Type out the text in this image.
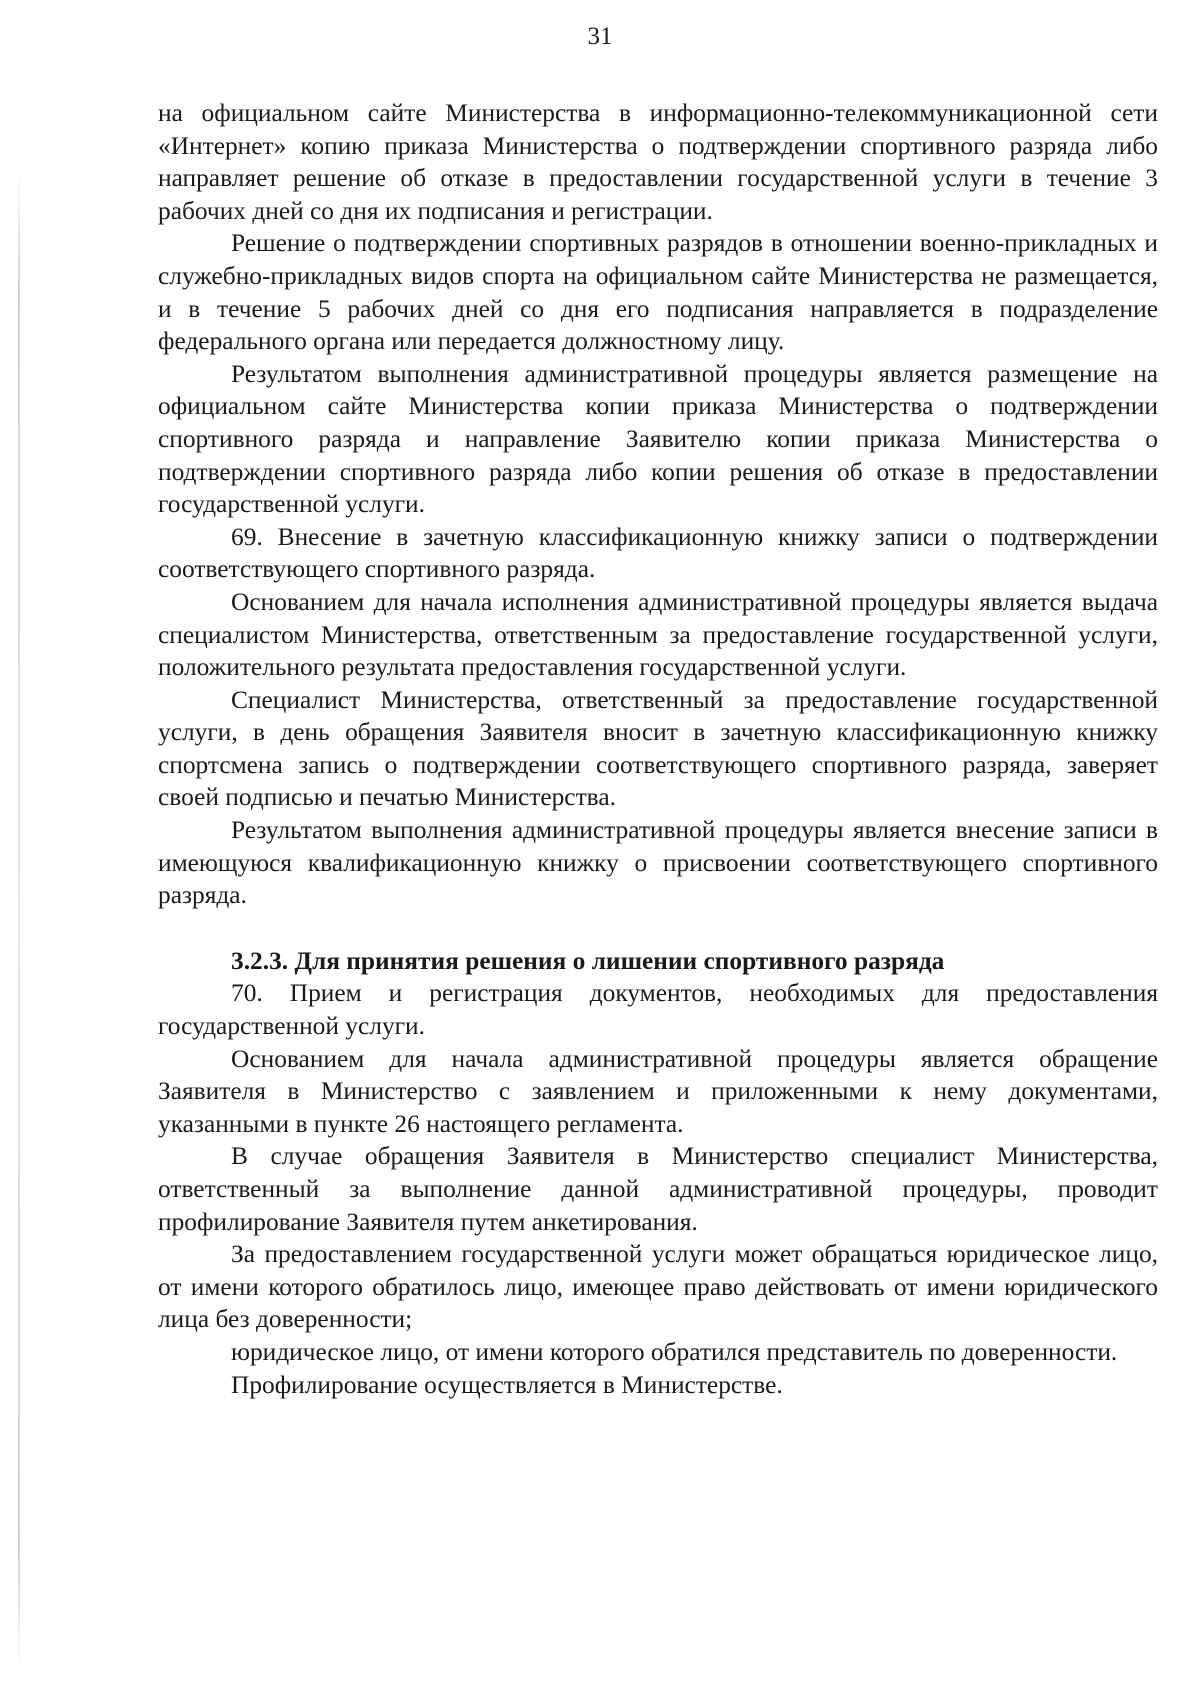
31

на официальном сайте Министерства в информационно-телекоммуникационной сети «Интернет» копию приказа Министерства о подтверждении спортивного разряда либо направляет решение об отказе в предоставлении государственной услуги в течение 3 рабочих дней со дня их подписания и регистрации.

Решение о подтверждении спортивных разрядов в отношении военно-прикладных и служебно-прикладных видов спорта на официальном сайте Министерства не размещается, и в течение 5 рабочих дней со дня его подписания направляется в подразделение федерального органа или передается должностному лицу.

Результатом выполнения административной процедуры является размещение на официальном сайте Министерства копии приказа Министерства о подтверждении спортивного разряда и направление Заявителю копии приказа Министерства о подтверждении спортивного разряда либо копии решения об отказе в предоставлении государственной услуги.

69. Внесение в зачетную классификационную книжку записи о подтверждении соответствующего спортивного разряда.

Основанием для начала исполнения административной процедуры является выдача специалистом Министерства, ответственным за предоставление государственной услуги, положительного результата предоставления государственной услуги.

Специалист Министерства, ответственный за предоставление государственной услуги, в день обращения Заявителя вносит в зачетную классификационную книжку спортсмена запись о подтверждении соответствующего спортивного разряда, заверяет своей подписью и печатью Министерства.

Результатом выполнения административной процедуры является внесение записи в имеющуюся квалификационную книжку о присвоении соответствующего спортивного разряда.

3.2.3. Для принятия решения о лишении спортивного разряда

70. Прием и регистрация документов, необходимых для предоставления государственной услуги.

Основанием для начала административной процедуры является обращение Заявителя в Министерство с заявлением и приложенными к нему документами, указанными в пункте 26 настоящего регламента.

В случае обращения Заявителя в Министерство специалист Министерства, ответственный за выполнение данной административной процедуры, проводит профилирование Заявителя путем анкетирования.

За предоставлением государственной услуги может обращаться юридическое лицо, от имени которого обратилось лицо, имеющее право действовать от имени юридического лица без доверенности;

юридическое лицо, от имени которого обратился представитель по доверенности.

Профилирование осуществляется в Министерстве.
